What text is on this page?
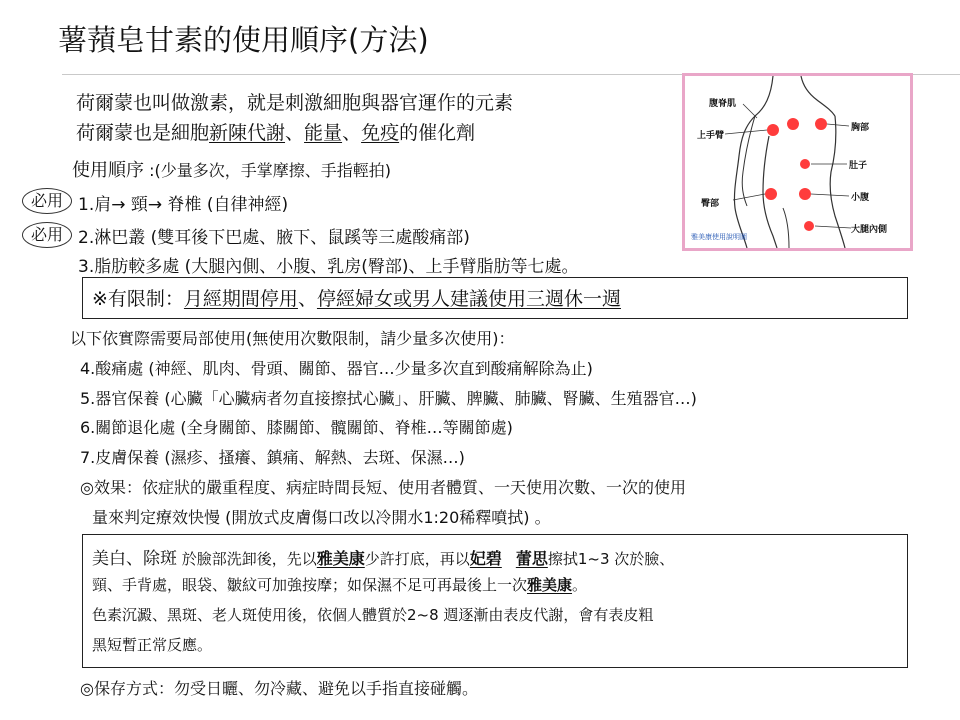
薯蕷皂甘素的使用順序(方法)
荷爾蒙也叫做激素，就是刺激細胞與器官運作的元素
荷爾蒙也是細胞新陳代謝、能量、免疫的催化劑
腹脊肌
上手臂
臀部
胸部
肚子
小腹
大腿內側
雅美康使用說明圖
使用順序 :(少量多次，手掌摩擦、手指輕拍)
必用
必用
1.肩→ 頸→ 脊椎 (自律神經)
2.淋巴叢 (雙耳後下巴處、腋下、鼠蹊等三處酸痛部)
3.脂肪較多處 (大腿內側、小腹、乳房(臀部)、上手臂脂肪等七處。
※有限制：月經期間停用、停經婦女或男人建議使用三週休一週
以下依實際需要局部使用(無使用次數限制，請少量多次使用)：
4.酸痛處 (神經、肌肉、骨頭、關節、器官…少量多次直到酸痛解除為止)
5.器官保養 (心臟「心臟病者勿直接擦拭心臟」、肝臟、脾臟、肺臟、腎臟、生殖器官…)
6.關節退化處 (全身關節、膝關節、髖關節、脊椎…等關節處)
7.皮膚保養 (濕疹、搔癢、鎮痛、解熱、去斑、保濕…)
◎效果：依症狀的嚴重程度、病症時間長短、使用者體質、一天使用次數、一次的使用
量來判定療效快慢 (開放式皮膚傷口改以冷開水1:20稀釋噴拭) 。
美白、除斑 於臉部洗卸後，先以雅美康少許打底，再以妃碧 蕾思擦拭1~3 次於臉、
頸、手背處，眼袋、皺紋可加強按摩；如保濕不足可再最後上一次雅美康。
色素沉澱、黑斑、老人斑使用後，依個人體質於2~8 週逐漸由表皮代謝，會有表皮粗
黑短暫正常反應。
◎保存方式：勿受日曬、勿冷藏、避免以手指直接碰觸。
